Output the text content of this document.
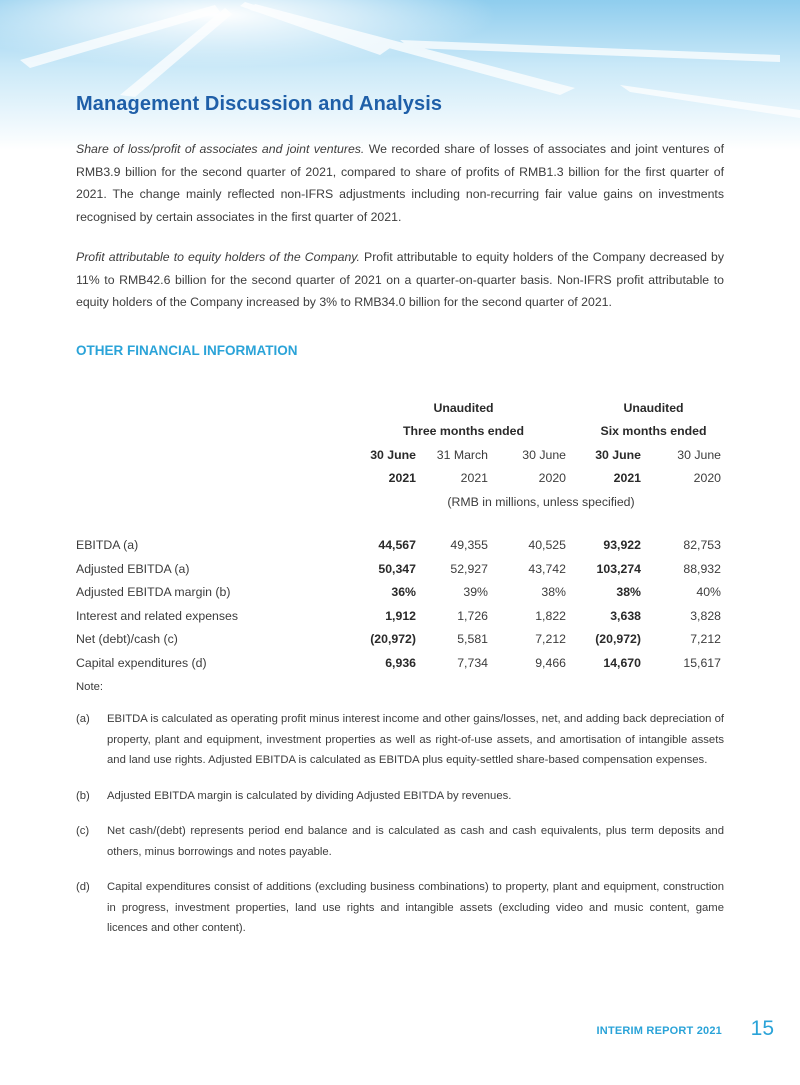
Management Discussion and Analysis

Share of loss/profit of associates and joint ventures. We recorded share of losses of associates and joint ventures of RMB3.9 billion for the second quarter of 2021, compared to share of profits of RMB1.3 billion for the first quarter of 2021. The change mainly reflected non-IFRS adjustments including non-recurring fair value gains on investments recognised by certain associates in the first quarter of 2021.

Profit attributable to equity holders of the Company. Profit attributable to equity holders of the Company decreased by 11% to RMB42.6 billion for the second quarter of 2021 on a quarter-on-quarter basis. Non-IFRS profit attributable to equity holders of the Company increased by 3% to RMB34.0 billion for the second quarter of 2021.

OTHER FINANCIAL INFORMATION
	Unaudited			Unaudited	
	Three months ended			Six months ended	
	30 June	31 March	30 June	30 June	30 June
	2021	2021	2020	2021	2020
	(RMB in millions, unless specified)				

EBITDA (a)	44,567	49,355	40,525	93,922	82,753
Adjusted EBITDA (a)	50,347	52,927	43,742	103,274	88,932
Adjusted EBITDA margin (b)	36%	39%	38%	38%	40%
Interest and related expenses	1,912	1,726	1,822	3,638	3,828
Net (debt)/cash (c)	(20,972)	5,581	7,212	(20,972)	7,212
Capital expenditures (d)	6,936	7,734	9,466	14,670	15,617
Note:
(a) EBITDA is calculated as operating profit minus interest income and other gains/losses, net, and adding back depreciation of property, plant and equipment, investment properties as well as right-of-use assets, and amortisation of intangible assets and land use rights. Adjusted EBITDA is calculated as EBITDA plus equity-settled share-based compensation expenses.
(b) Adjusted EBITDA margin is calculated by dividing Adjusted EBITDA by revenues.
(c) Net cash/(debt) represents period end balance and is calculated as cash and cash equivalents, plus term deposits and others, minus borrowings and notes payable.
(d) Capital expenditures consist of additions (excluding business combinations) to property, plant and equipment, construction in progress, investment properties, land use rights and intangible assets (excluding video and music content, game licences and other content).
INTERIM REPORT 2021 15
